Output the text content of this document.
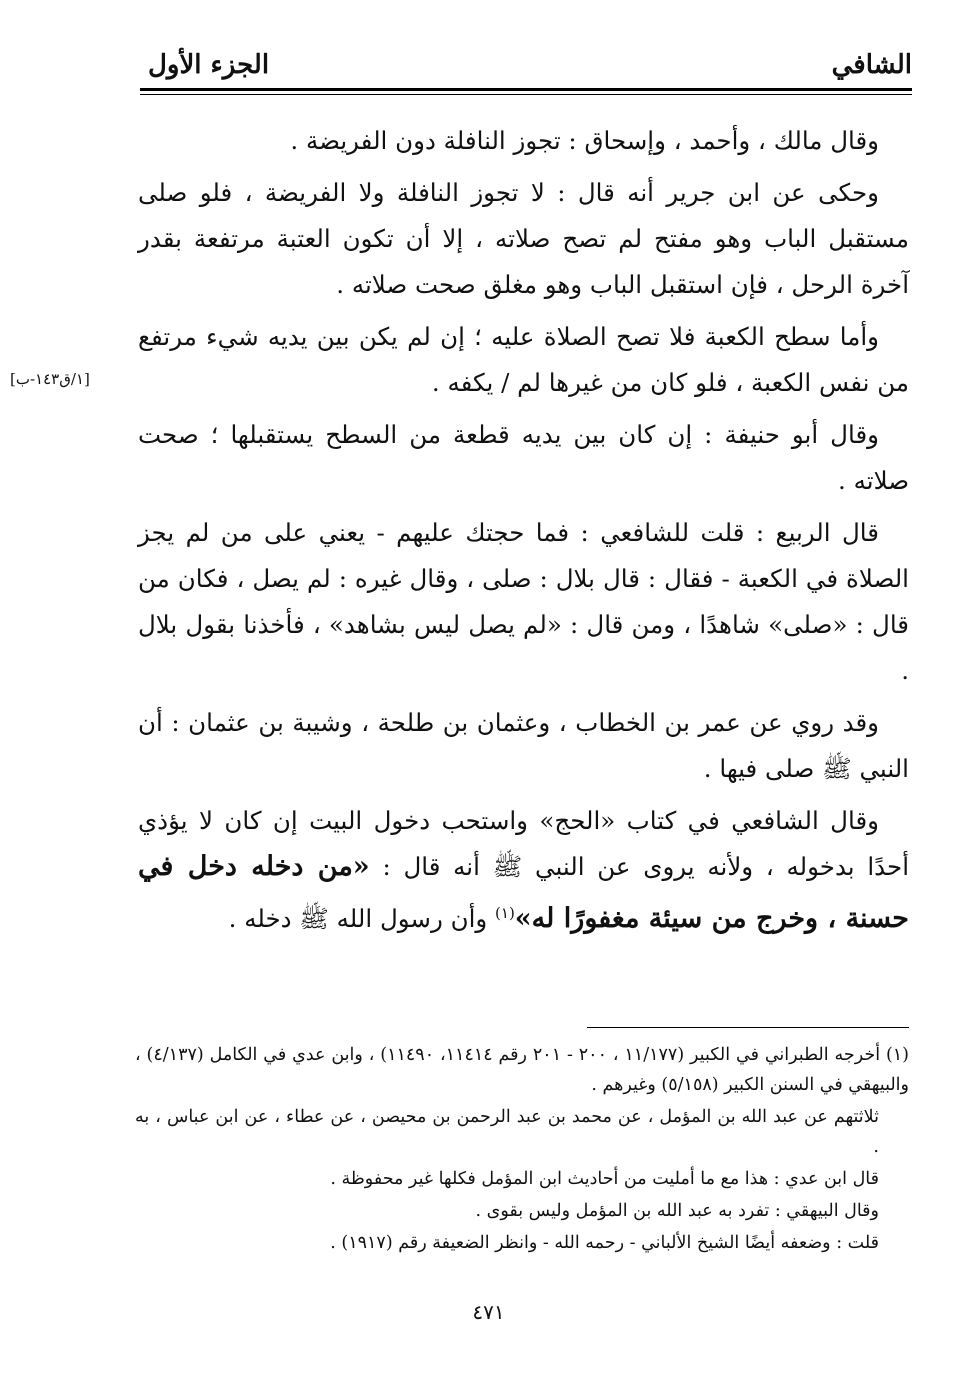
الشافي
الجزء الأول
[١/ق١٤٣-ب]

وقال مالك ، وأحمد ، وإسحاق : تجوز النافلة دون الفريضة .

وحكى عن ابن جرير أنه قال : لا تجوز النافلة ولا الفريضة ، فلو صلى مستقبل الباب وهو مفتح لم تصح صلاته ، إلا أن تكون العتبة مرتفعة بقدر آخرة الرحل ، فإن استقبل الباب وهو مغلق صحت صلاته .

وأما سطح الكعبة فلا تصح الصلاة عليه ؛ إن لم يكن بين يديه شيء مرتفع من نفس الكعبة ، فلو كان من غيرها لم / يكفه .

وقال أبو حنيفة : إن كان بين يديه قطعة من السطح يستقبلها ؛ صحت صلاته .

قال الربيع : قلت للشافعي : فما حجتك عليهم - يعني على من لم يجز الصلاة في الكعبة - فقال : قال بلال : صلى ، وقال غيره : لم يصل ، فكان من قال : «صلى» شاهدًا ، ومن قال : «لم يصل ليس بشاهد» ، فأخذنا بقول بلال .

وقد روي عن عمر بن الخطاب ، وعثمان بن طلحة ، وشيبة بن عثمان : أن النبي ﷺ صلى فيها .

وقال الشافعي في كتاب «الحج» واستحب دخول البيت إن كان لا يؤذي أحدًا بدخوله ، ولأنه يروى عن النبي ﷺ أنه قال : «من دخله دخل في حسنة ، وخرج من سيئة مغفورًا له»$^{(١)}$ وأن رسول الله ﷺ دخله .

(١) أخرجه الطبراني في الكبير (١١/١٧٧ ، ٢٠٠ - ٢٠١ رقم ١١٤١٤، ١١٤٩٠) ، وابن عدي في الكامل (٤/١٣٧) ، والبيهقي في السنن الكبير (٥/١٥٨) وغيرهم .

ثلاثتهم عن عبد الله بن المؤمل ، عن محمد بن عبد الرحمن بن محيصن ، عن عطاء ، عن ابن عباس ، به .

قال ابن عدي : هذا مع ما أمليت من أحاديث ابن المؤمل فكلها غير محفوظة .

وقال البيهقي : تفرد به عبد الله بن المؤمل وليس بقوى .

قلت : وضعفه أيضًا الشيخ الألباني - رحمه الله - وانظر الضعيفة رقم (١٩١٧) .

٤٧١
